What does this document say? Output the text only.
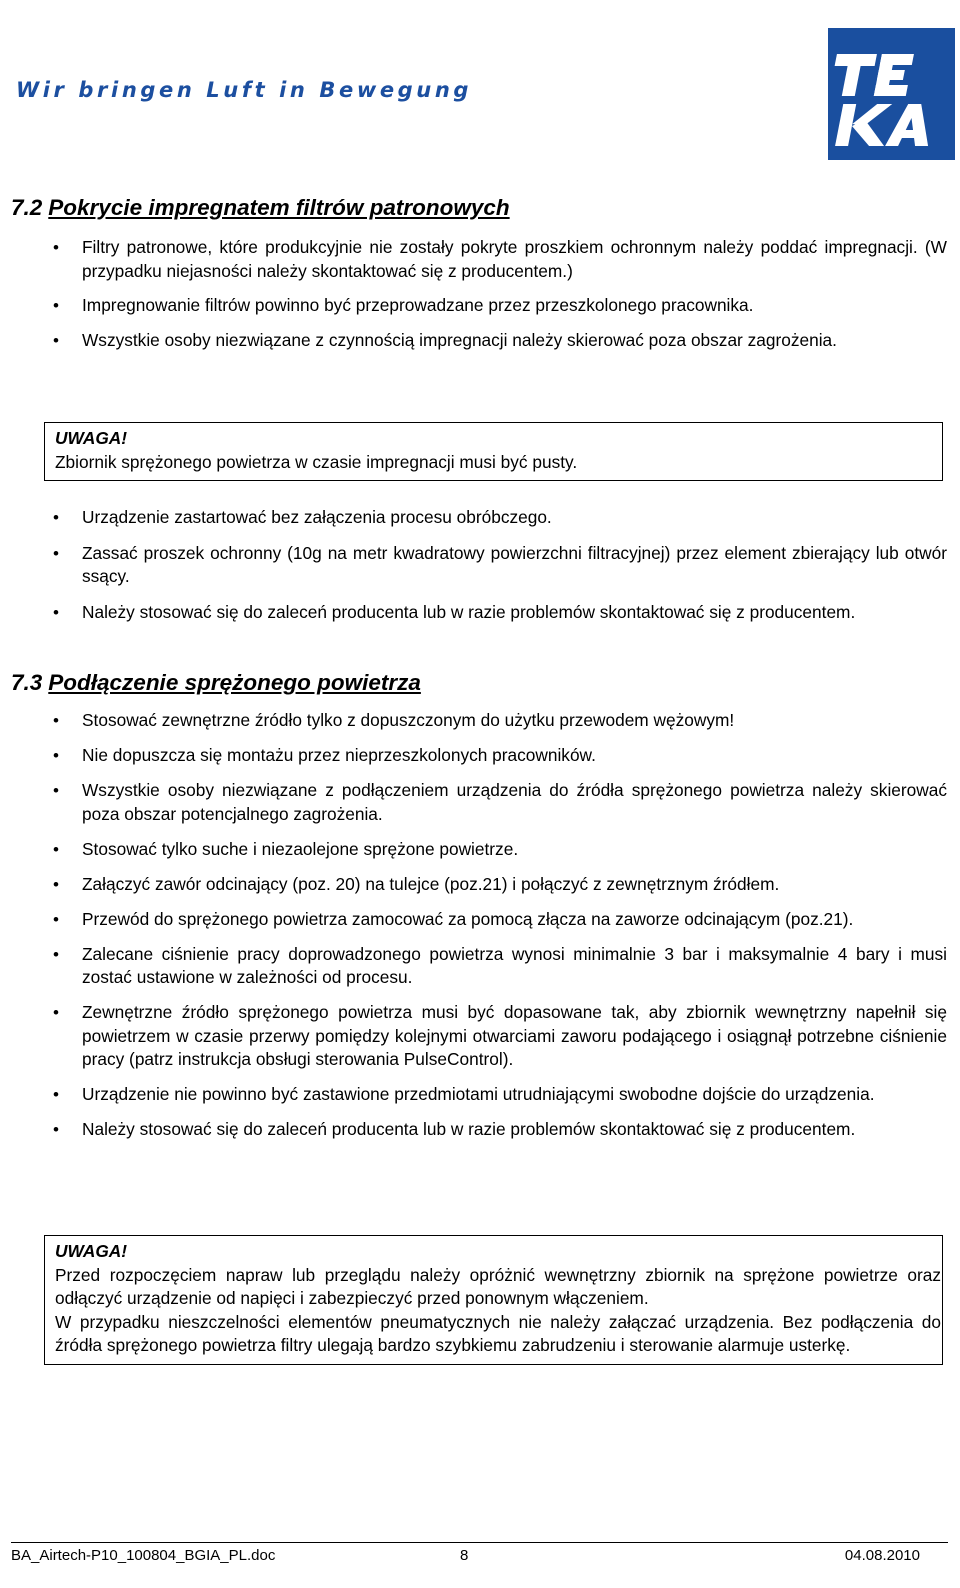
Wir bringen Luft in Bewegung
7.2 Pokrycie impregnatem filtrów patronowych
• Filtry patronowe, które produkcyjnie nie zostały pokryte proszkiem ochronnym należy poddać impregnacji. (W przypadku niejasności należy skontaktować się z producentem.)
• Impregnowanie filtrów powinno być przeprowadzane przez przeszkolonego pracownika.
• Wszystkie osoby niezwiązane z czynnością impregnacji należy skierować poza obszar zagrożenia.
UWAGA!

Zbiornik sprężonego powietrza w czasie impregnacji musi być pusty.

• Urządzenie zastartować bez załączenia procesu obróbczego.
• Zassać proszek ochronny (10g na metr kwadratowy powierzchni filtracyjnej) przez element zbierający lub otwór ssący.
• Należy stosować się do zaleceń producenta lub w razie problemów skontaktować się z producentem.
7.3 Podłączenie sprężonego powietrza
• Stosować zewnętrzne źródło tylko z dopuszczonym do użytku przewodem wężowym!
• Nie dopuszcza się montażu przez nieprzeszkolonych pracowników.
• Wszystkie osoby niezwiązane z podłączeniem urządzenia do źródła sprężonego powietrza należy skierować poza obszar potencjalnego zagrożenia.
• Stosować tylko suche i niezaolejone sprężone powietrze.
• Załączyć zawór odcinający (poz. 20) na tulejce (poz.21) i połączyć z zewnętrznym źródłem.
• Przewód do sprężonego powietrza zamocować za pomocą złącza na zaworze odcinającym (poz.21).
• Zalecane ciśnienie pracy doprowadzonego powietrza wynosi minimalnie 3 bar i maksymalnie 4 bary i musi zostać ustawione w zależności od procesu.
• Zewnętrzne źródło sprężonego powietrza musi być dopasowane tak, aby zbiornik wewnętrzny napełnił się powietrzem w czasie przerwy pomiędzy kolejnymi otwarciami zaworu podającego i osiągnął potrzebne ciśnienie pracy (patrz instrukcja obsługi sterowania PulseControl).
• Urządzenie nie powinno być zastawione przedmiotami utrudniającymi swobodne dojście do urządzenia.
• Należy stosować się do zaleceń producenta lub w razie problemów skontaktować się z producentem.
UWAGA!

Przed rozpoczęciem napraw lub przeglądu należy opróżnić wewnętrzny zbiornik na sprężone powietrze oraz odłączyć urządzenie od napięci i zabezpieczyć przed ponownym włączeniem.

W przypadku nieszczelności elementów pneumatycznych nie należy załączać urządzenia. Bez podłączenia do źródła sprężonego powietrza filtry ulegają bardzo szybkiemu zabrudzeniu i sterowanie alarmuje usterkę.

BA_Airtech-P10_100804_BGIA_PL.doc	8	04.08.2010
